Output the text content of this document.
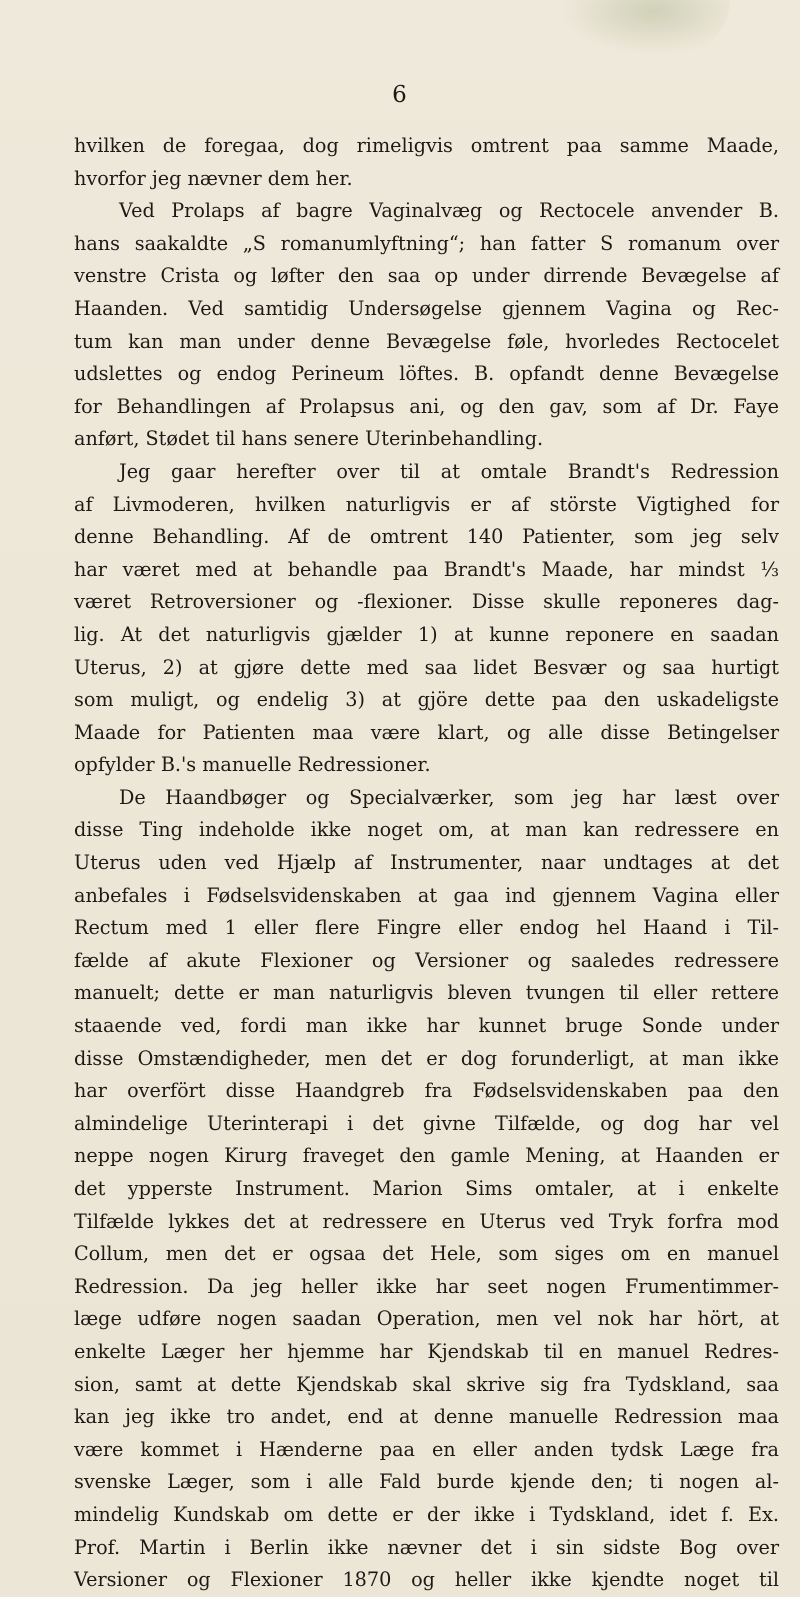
6
hvilken de foregaa, dog rimeligvis omtrent paa samme Maade,
hvorfor jeg nævner dem her.
Ved Prolaps af bagre Vaginalvæg og Rectocele anvender B.
hans saakaldte „S romanumlyftning“; han fatter S romanum over
venstre Crista og løfter den saa op under dirrende Bevægelse af
Haanden. Ved samtidig Undersøgelse gjennem Vagina og Rec-
tum kan man under denne Bevægelse føle, hvorledes Rectocelet
udslettes og endog Perineum löftes. B. opfandt denne Bevægelse
for Behandlingen af Prolapsus ani, og den gav, som af Dr. Faye
anført, Stødet til hans senere Uterinbehandling.
Jeg gaar herefter over til at omtale Brandt's Redression
af Livmoderen, hvilken naturligvis er af störste Vigtighed for
denne Behandling. Af de omtrent 140 Patienter, som jeg selv
har været med at behandle paa Brandt's Maade, har mindst ⅓
været Retroversioner og -flexioner. Disse skulle reponeres dag-
lig. At det naturligvis gjælder 1) at kunne reponere en saadan
Uterus, 2) at gjøre dette med saa lidet Besvær og saa hurtigt
som muligt, og endelig 3) at gjöre dette paa den uskadeligste
Maade for Patienten maa være klart, og alle disse Betingelser
opfylder B.'s manuelle Redressioner.
De Haandbøger og Specialværker, som jeg har læst over
disse Ting indeholde ikke noget om, at man kan redressere en
Uterus uden ved Hjælp af Instrumenter, naar undtages at det
anbefales i Fødselsvidenskaben at gaa ind gjennem Vagina eller
Rectum med 1 eller flere Fingre eller endog hel Haand i Til-
fælde af akute Flexioner og Versioner og saaledes redressere
manuelt; dette er man naturligvis bleven tvungen til eller rettere
staaende ved, fordi man ikke har kunnet bruge Sonde under
disse Omstændigheder, men det er dog forunderligt, at man ikke
har overfört disse Haandgreb fra Fødselsvidenskaben paa den
almindelige Uterinterapi i det givne Tilfælde, og dog har vel
neppe nogen Kirurg fraveget den gamle Mening, at Haanden er
det ypperste Instrument. Marion Sims omtaler, at i enkelte
Tilfælde lykkes det at redressere en Uterus ved Tryk forfra mod
Collum, men det er ogsaa det Hele, som siges om en manuel
Redression. Da jeg heller ikke har seet nogen Frumentimmer-
læge udføre nogen saadan Operation, men vel nok har hört, at
enkelte Læger her hjemme har Kjendskab til en manuel Redres-
sion, samt at dette Kjendskab skal skrive sig fra Tydskland, saa
kan jeg ikke tro andet, end at denne manuelle Redression maa
være kommet i Hænderne paa en eller anden tydsk Læge fra
svenske Læger, som i alle Fald burde kjende den; ti nogen al-
mindelig Kundskab om dette er der ikke i Tydskland, idet f. Ex.
Prof. Martin i Berlin ikke nævner det i sin sidste Bog over
Versioner og Flexioner 1870 og heller ikke kjendte noget til
